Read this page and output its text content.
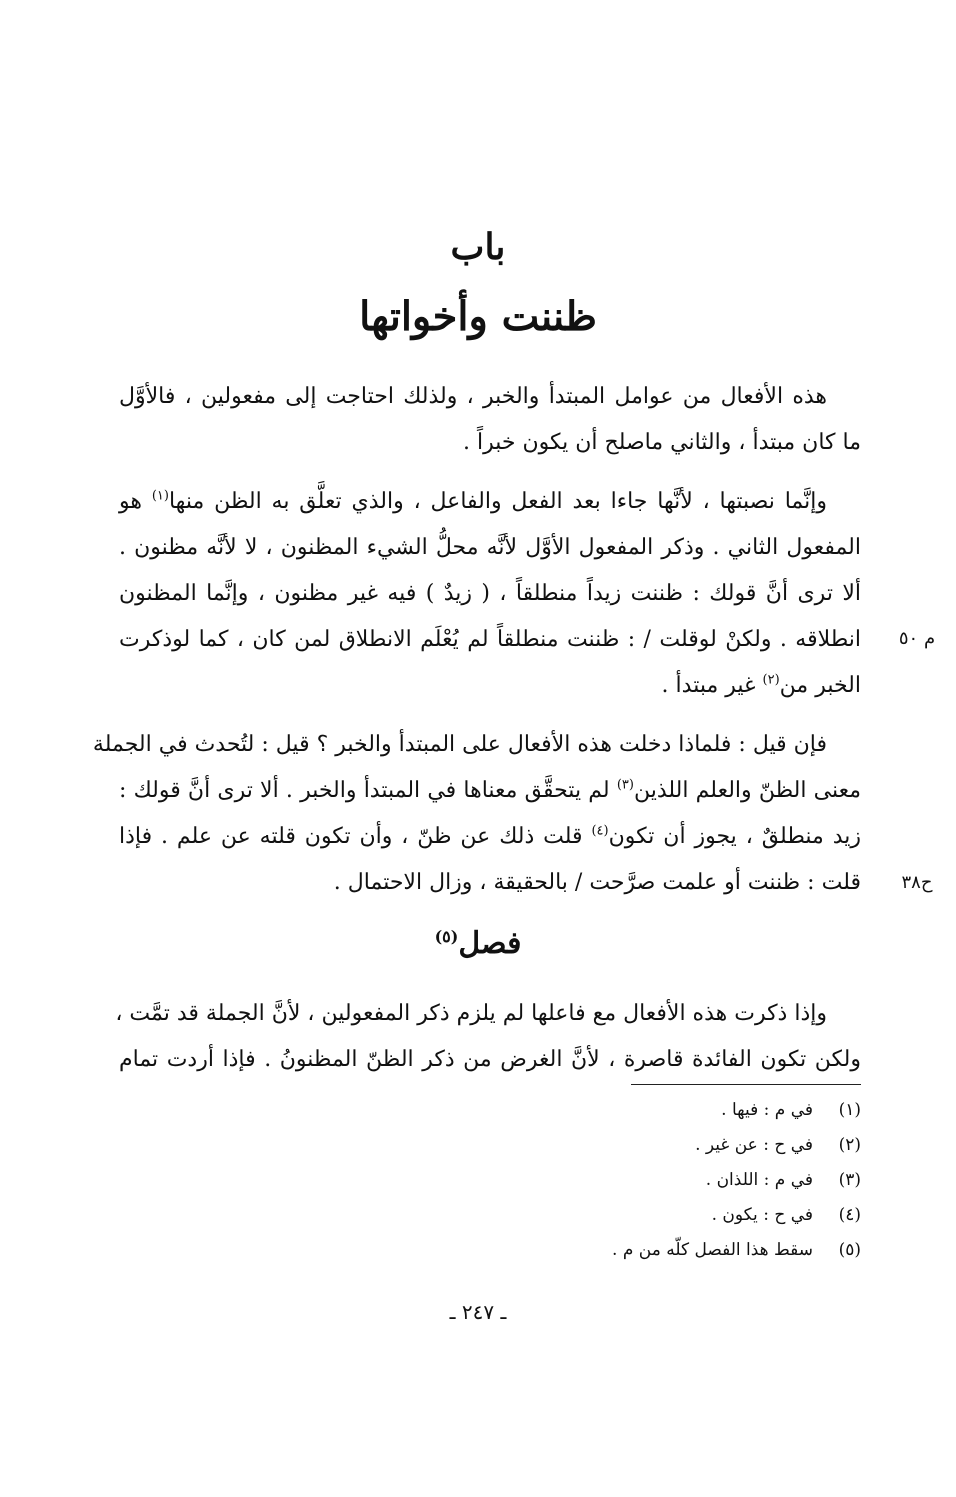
باب
ظننت وأخواتها
هذه الأفعال من عوامل المبتدأ والخبر ، ولذلك احتاجت إلى مفعولين ، فالأوَّل
ما كان مبتدأ ، والثاني ماصلح أن يكون خبراً .
وإنَّما نصبتها ، لأنَّها جاءا بعد الفعل والفاعل ، والذي تعلَّق به الظن منها$^{(١)}$ هو
المفعول الثاني . وذكر المفعول الأوَّل لأنَّه محلُّ الشيء المظنون ، لا لأنَّه مظنون .
ألا ترى أنَّ قولك : ظننت زيداً منطلقاً ، ( زيدٌ ) فيه غير مظنون ، وإنَّما المظنون
انطلاقه . ولكنْ لوقلت / : ظننت منطلقاً لم يُعْلَم الانطلاق لمن كان ، كما لوذكرت	م ٥٠
الخبر من$^{(٢)}$ غير مبتدأ .
فإن قيل : فلماذا دخلت هذه الأفعال على المبتدأ والخبر ؟ قيل : لتُحدث في الجملة
معنى الظنّ والعلم اللذين$^{(٣)}$ لم يتحقَّق معناها في المبتدأ والخبر . ألا ترى أنَّ قولك :
زيد منطلقٌ ، يجوز أن تكون$^{(٤)}$ قلت ذلك عن ظنّ ، وأن تكون قلته عن علم . فإذا
قلت : ظننت أو علمت صرَّحت / بالحقيقة ، وزال الاحتمال .	ح٣٨
فصل$^{(٥)}$
وإذا ذكرت هذه الأفعال مع فاعلها لم يلزم ذكر المفعولين ، لأنَّ الجملة قد تمَّت ،
ولكن تكون الفائدة قاصرة ، لأنَّ الغرض من ذكر الظنّ المظنونُ . فإذا أردت تمام
(١)في م : فيها .
(٢)في ح : عن غير .
(٣)في م : اللذان .
(٤)في ح : يكون .
(٥)سقط هذا الفصل كلّه من م .
ـ ٢٤٧ ـ
